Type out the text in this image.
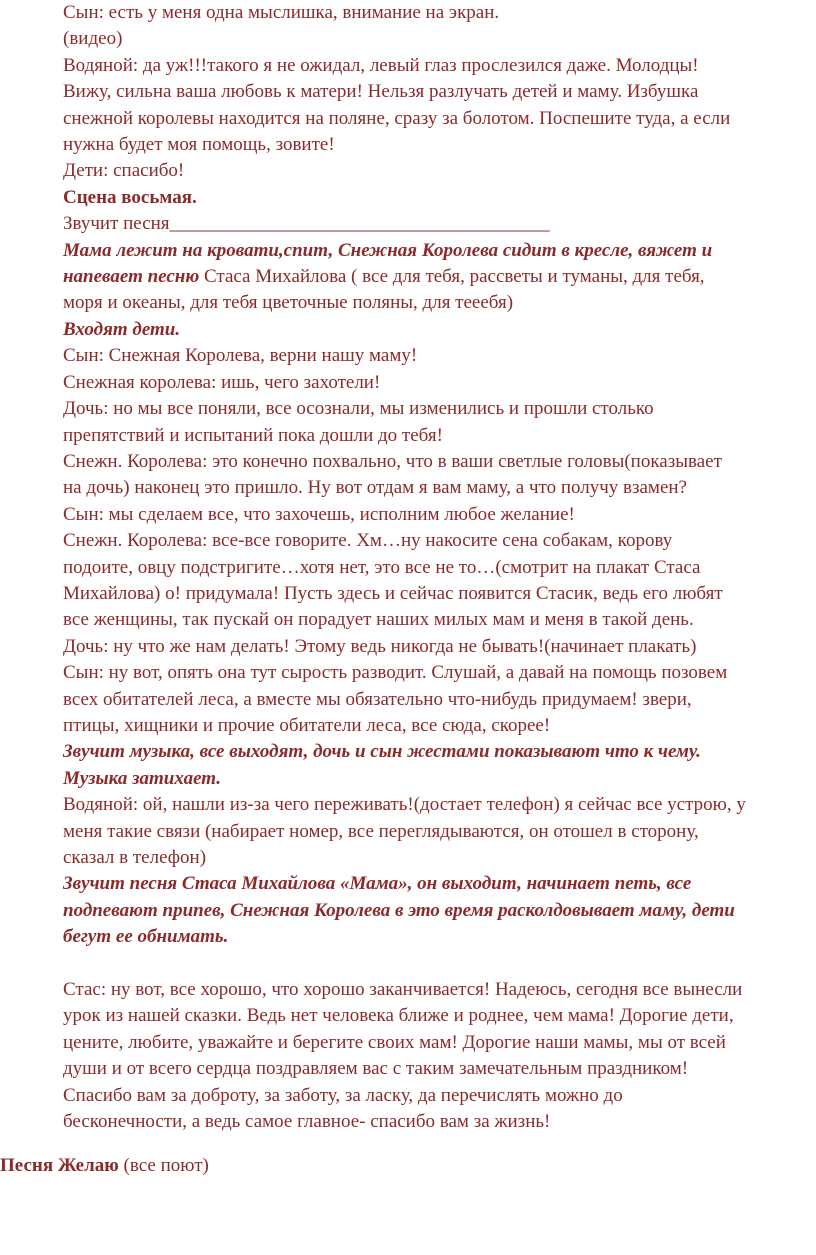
Сын: есть у меня одна мыслишка, внимание на экран.
(видео)
Водяной: да уж!!!такого я не ожидал, левый глаз прослезился даже. Молодцы!
Вижу, сильна ваша любовь к матери! Нельзя разлучать детей и маму. Избушка
снежной королевы находится на поляне, сразу за болотом. Поспешите туда, а если
нужна будет моя помощь, зовите!
Дети: спасибо!
Сцена восьмая.
Звучит песня________________________________________
Мама лежит на кровати,спит, Снежная Королева сидит в кресле, вяжет и
напевает песню Стаса Михайлова ( все для тебя, рассветы и туманы, для тебя,
моря и океаны, для тебя цветочные поляны, для тееебя)
Входят дети.
Сын: Снежная Королева, верни нашу маму!
Снежная королева: ишь, чего захотели!
Дочь: но мы все поняли, все осознали, мы изменились и прошли столько
препятствий и испытаний пока дошли до тебя!
Снежн. Королева: это конечно похвально, что в ваши светлые головы(показывает
на дочь) наконец это пришло. Ну вот отдам я вам маму, а что получу взамен?
Сын: мы сделаем все, что захочешь, исполним любое желание!
Снежн. Королева: все-все говорите. Хм…ну накосите сена собакам, корову
подоите, овцу подстригите…хотя нет, это все не то…(смотрит на плакат Стаса
Михайлова) о! придумала! Пусть здесь и сейчас появится Стасик, ведь его любят
все женщины, так пускай он порадует наших милых мам и меня в такой день.
Дочь: ну что же нам делать! Этому ведь никогда не бывать!(начинает плакать)
Сын: ну вот, опять она тут сырость разводит. Слушай, а давай на помощь позовем
всех обитателей леса, а вместе мы обязательно что-нибудь придумаем! звери,
птицы, хищники и прочие обитатели леса, все сюда, скорее!
Звучит музыка, все выходят, дочь и сын жестами показывают что к чему.
Музыка затихает.
Водяной: ой, нашли из-за чего переживать!(достает телефон) я сейчас все устрою, у
меня такие связи (набирает номер, все переглядываются, он отошел в сторону,
сказал в телефон)
Звучит песня Стаса Михайлова «Мама», он выходит, начинает петь, все
подпевают припев, Снежная Королева в это время расколдовывает маму, дети
бегут ее обнимать.
Стас: ну вот, все хорошо, что хорошо заканчивается! Надеюсь, сегодня все вынесли
урок из нашей сказки. Ведь нет человека ближе и роднее, чем мама! Дорогие дети,
цените, любите, уважайте и берегите своих мам! Дорогие наши мамы, мы от всей
души и от всего сердца поздравляем вас с таким замечательным праздником!
Спасибо вам за доброту, за заботу, за ласку, да перечислять можно до
бесконечности, а ведь самое главное- спасибо вам за жизнь!
Песня Желаю (все поют)
